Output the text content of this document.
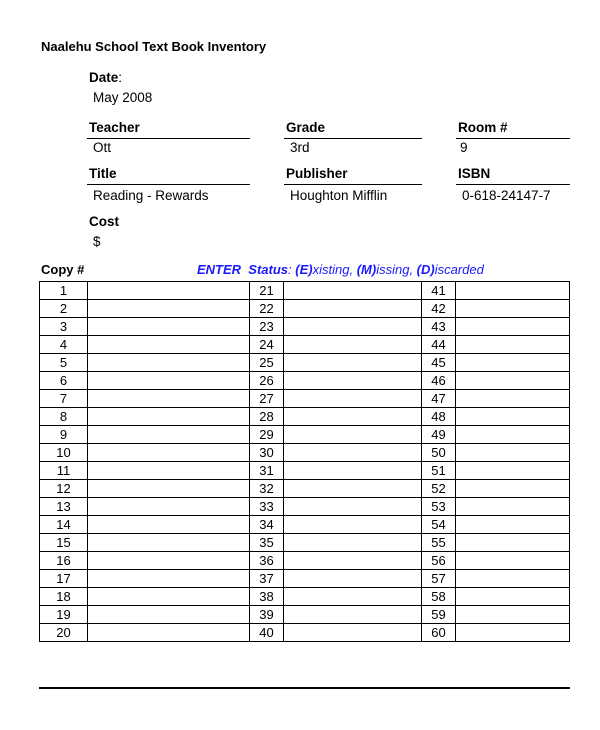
Naalehu School Text Book Inventory
Date:
May 2008
Teacher
Ott
Grade
3rd
Room #
9
Title
Reading - Rewards
Publisher
Houghton Mifflin
ISBN
0-618-24147-7
Cost
$
Copy #	ENTER Status: (E)xisting, (M)issing, (D)iscarded
1		21		41	
2		22		42	
3		23		43	
4		24		44	
5		25		45	
6		26		46	
7		27		47	
8		28		48	
9		29		49	
10		30		50	
11		31		51	
12		32		52	
13		33		53	
14		34		54	
15		35		55	
16		36		56	
17		37		57	
18		38		58	
19		39		59	
20		40		60	
